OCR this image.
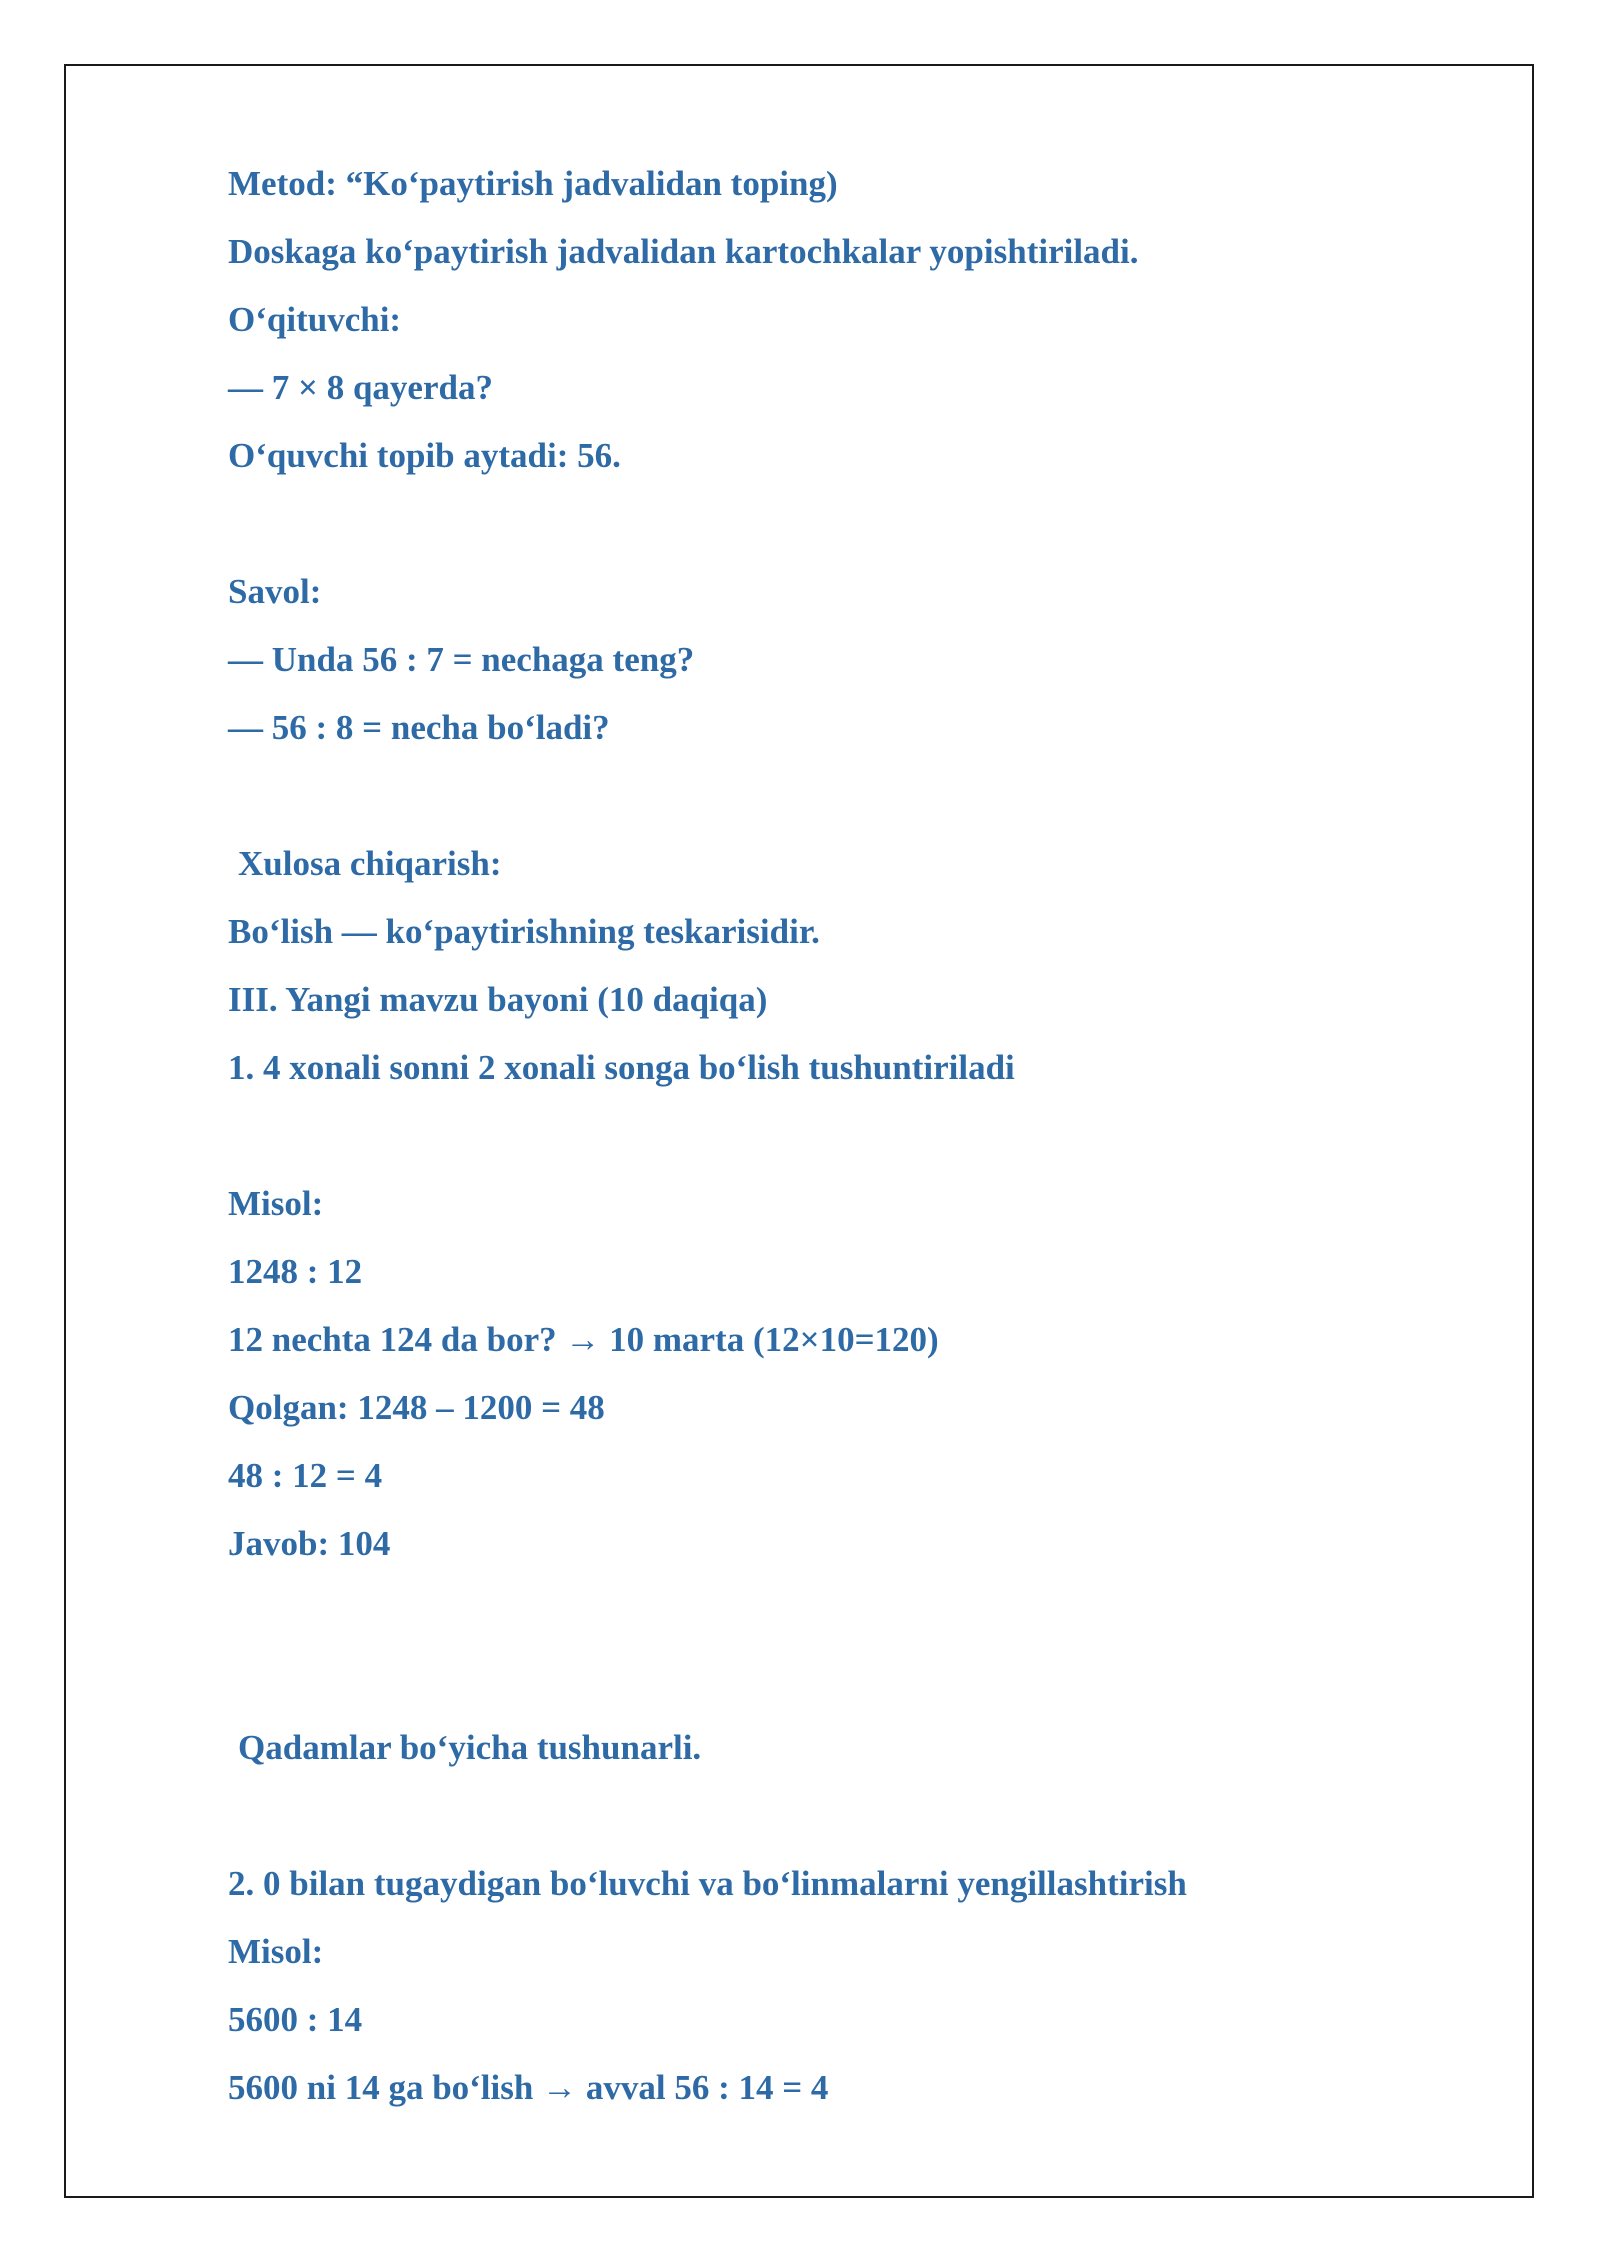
Metod: “Ko‘paytirish jadvalidan toping)
Doskaga ko‘paytirish jadvalidan kartochkalar yopishtiriladi.
O‘qituvchi:
— 7 × 8 qayerda?
O‘quvchi topib aytadi: 56.
Savol:
— Unda 56 : 7 = nechaga teng?
— 56 : 8 = necha bo‘ladi?
Xulosa chiqarish:
Bo‘lish — ko‘paytirishning teskarisidir.
III. Yangi mavzu bayoni (10 daqiqa)
1. 4 xonali sonni 2 xonali songa bo‘lish tushuntiriladi
Misol:
1248 : 12
12 nechta 124 da bor? → 10 marta (12×10=120)
Qolgan: 1248 – 1200 = 48
48 : 12 = 4
Javob: 104
Qadamlar bo‘yicha tushunarli.
2. 0 bilan tugaydigan bo‘luvchi va bo‘linmalarni yengillashtirish
Misol:
5600 : 14
5600 ni 14 ga bo‘lish → avval 56 : 14 = 4
